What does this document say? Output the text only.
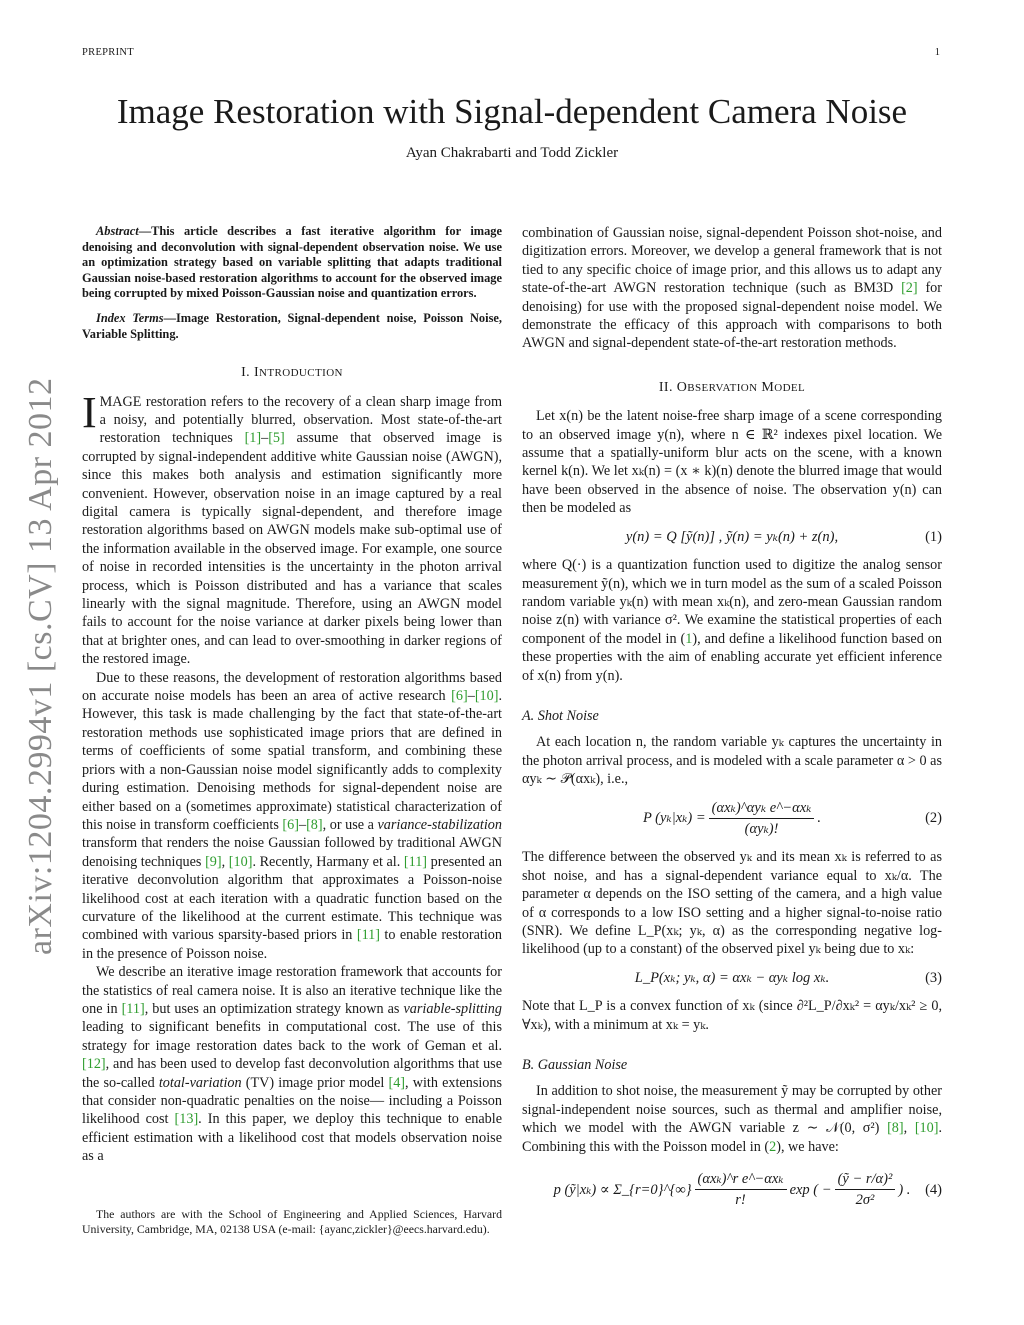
PREPRINT	1
arXiv:1204.2994v1 [cs.CV] 13 Apr 2012
Image Restoration with Signal-dependent Camera Noise
Ayan Chakrabarti and Todd Zickler

Abstract—This article describes a fast iterative algorithm for image denoising and deconvolution with signal-dependent observation noise. We use an optimization strategy based on variable splitting that adapts traditional Gaussian noise-based restoration algorithms to account for the observed image being corrupted by mixed Poisson-Gaussian noise and quantization errors.

Index Terms—Image Restoration, Signal-dependent noise, Poisson Noise, Variable Splitting.

I. INTRODUCTION

IMAGE restoration refers to the recovery of a clean sharp image from a noisy, and potentially blurred, observation. Most state-of-the-art restoration techniques [1]–[5] assume that observed image is corrupted by signal-independent additive white Gaussian noise (AWGN), since this makes both analysis and estimation significantly more convenient. However, observation noise in an image captured by a real digital camera is typically signal-dependent, and therefore image restoration algorithms based on AWGN models make sub-optimal use of the information available in the observed image. For example, one source of noise in recorded intensities is the uncertainty in the photon arrival process, which is Poisson distributed and has a variance that scales linearly with the signal magnitude. Therefore, using an AWGN model fails to account for the noise variance at darker pixels being lower than that at brighter ones, and can lead to over-smoothing in darker regions of the restored image.

Due to these reasons, the development of restoration algorithms based on accurate noise models has been an area of active research [6]–[10]. However, this task is made challenging by the fact that state-of-the-art restoration methods use sophisticated image priors that are defined in terms of coefficients of some spatial transform, and combining these priors with a non-Gaussian noise model significantly adds to complexity during estimation. Denoising methods for signal-dependent noise are either based on a (sometimes approximate) statistical characterization of this noise in transform coefficients [6]–[8], or use a variance-stabilization transform that renders the noise Gaussian followed by traditional AWGN denoising techniques [9], [10]. Recently, Harmany et al. [11] presented an iterative deconvolution algorithm that approximates a Poisson-noise likelihood cost at each iteration with a quadratic function based on the curvature of the likelihood at the current estimate. This technique was combined with various sparsity-based priors in [11] to enable restoration in the presence of Poisson noise.

We describe an iterative image restoration framework that accounts for the statistics of real camera noise. It is also an iterative technique like the one in [11], but uses an optimization strategy known as variable-splitting leading to significant benefits in computational cost. The use of this strategy for image restoration dates back to the work of Geman et al. [12], and has been used to develop fast deconvolution algorithms that use the so-called total-variation (TV) image prior model [4], with extensions that consider non-quadratic penalties on the noise— including a Poisson likelihood cost [13]. In this paper, we deploy this technique to enable efficient estimation with a likelihood cost that models observation noise as a

The authors are with the School of Engineering and Applied Sciences, Harvard University, Cambridge, MA, 02138 USA (e-mail: {ayanc,zickler}@eecs.harvard.edu).

combination of Gaussian noise, signal-dependent Poisson shot-noise, and digitization errors. Moreover, we develop a general framework that is not tied to any specific choice of image prior, and this allows us to adapt any state-of-the-art AWGN restoration technique (such as BM3D [2] for denoising) for use with the proposed signal-dependent noise model. We demonstrate the efficacy of this approach with comparisons to both AWGN and signal-dependent state-of-the-art restoration methods.

II. OBSERVATION MODEL

Let x(n) be the latent noise-free sharp image of a scene corresponding to an observed image y(n), where n ∈ ℝ² indexes pixel location. We assume that a spatially-uniform blur acts on the scene, with a known kernel k(n). We let xₖ(n) = (x ∗ k)(n) denote the blurred image that would have been observed in the absence of noise. The observation y(n) can then be modeled as

y(n) = Q [ỹ(n)] , ỹ(n) = yₖ(n) + z(n),	(1)

where Q(·) is a quantization function used to digitize the analog sensor measurement ỹ(n), which we in turn model as the sum of a scaled Poisson random variable yₖ(n) with mean xₖ(n), and zero-mean Gaussian random noise z(n) with variance σ². We examine the statistical properties of each component of the model in (1), and define a likelihood function based on these properties with the aim of enabling accurate yet efficient inference of x(n) from y(n).

A. Shot Noise

At each location n, the random variable yₖ captures the uncertainty in the photon arrival process, and is modeled with a scale parameter α > 0 as αyₖ ∼ 𝒫(αxₖ), i.e.,

P $(y_k|x_k) = \frac{\text{(αxₖ)\textasciicircum{}αyₖ e\textasciicircum{}−αxₖ}}{\text{(αyₖ)!}}$ .	(2)

The difference between the observed yₖ and its mean xₖ is referred to as shot noise, and has a signal-dependent variance equal to xₖ/α. The parameter α depends on the ISO setting of the camera, and a high value of α corresponds to a low ISO setting and a higher signal-to-noise ratio (SNR). We define L_P(xₖ; yₖ, α) as the corresponding negative log-likelihood (up to a constant) of the observed pixel yₖ being due to xₖ:

L_P(xₖ; yₖ, α) = αxₖ − αyₖ log xₖ.	(3)

Note that L_P is a convex function of xₖ (since ∂²L_P/∂xₖ² = αyₖ/xₖ² ≥ 0, ∀xₖ), with a minimum at xₖ = yₖ.

B. Gaussian Noise

In addition to shot noise, the measurement ỹ may be corrupted by other signal-independent noise sources, such as thermal and amplifier noise, which we model with the AWGN variable z ∼ 𝒩(0, σ²) [8], [10]. Combining this with the Poisson model in (2), we have:

p (ỹ|xₖ) ∝ Σ_{r=0}^{∞} $\frac{\text{(αxₖ)\textasciicircum{}r e\textasciicircum{}−αxₖ}}{r!}$ exp ( − $\frac{\text{(ỹ − r/α)²}}{\text{2σ²}}$ ) . (4)
